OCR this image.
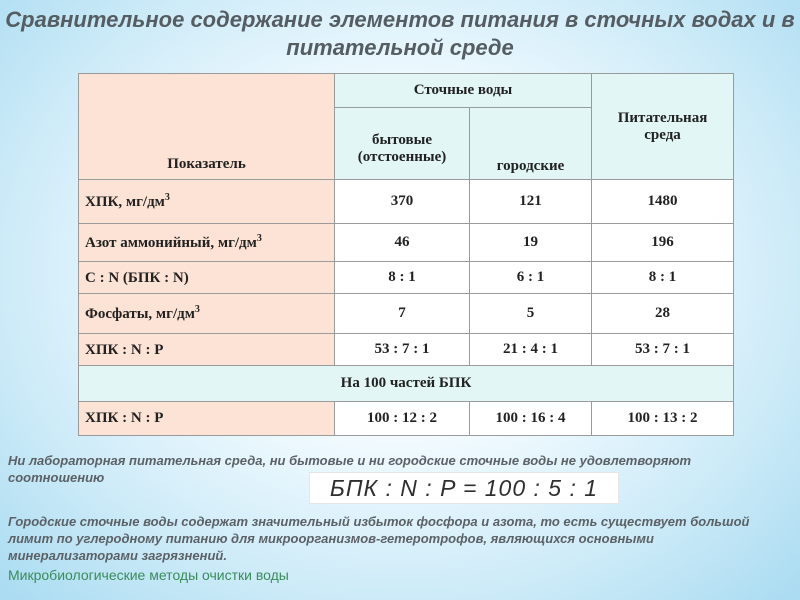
Сравнительное содержание элементов питания в сточных водах и в питательной среде
Показатель	Сточные воды		Питательная среда
	бытовые (отстоенные)	городские	
ХПК, $мг/дм^3$	370	121	1480
Азот аммонийный, $мг/дм^3$	46	19	196
С : N (БПК : N)	8 : 1	6 : 1	8 : 1
Фосфаты, $мг/дм^3$	7	5	28
ХПК : N : P	53 : 7 : 1	21 : 4 : 1	53 : 7 : 1
На 100 частей БПК			
ХПК : N : P	100 : 12 : 2	100 : 16 : 4	100 : 13 : 2
Ни лабораторная питательная среда, ни бытовые и ни городские сточные воды не удовлетворяют соотношению	БПК : N : P = 100 : 5 : 1
Городские сточные воды содержат значительный избыток фосфора и азота, то есть существует большой лимит по углеродному питанию для микроорганизмов-гетеротрофов, являющихся основными минерализаторами загрязнений.
Микробиологические методы очистки воды
